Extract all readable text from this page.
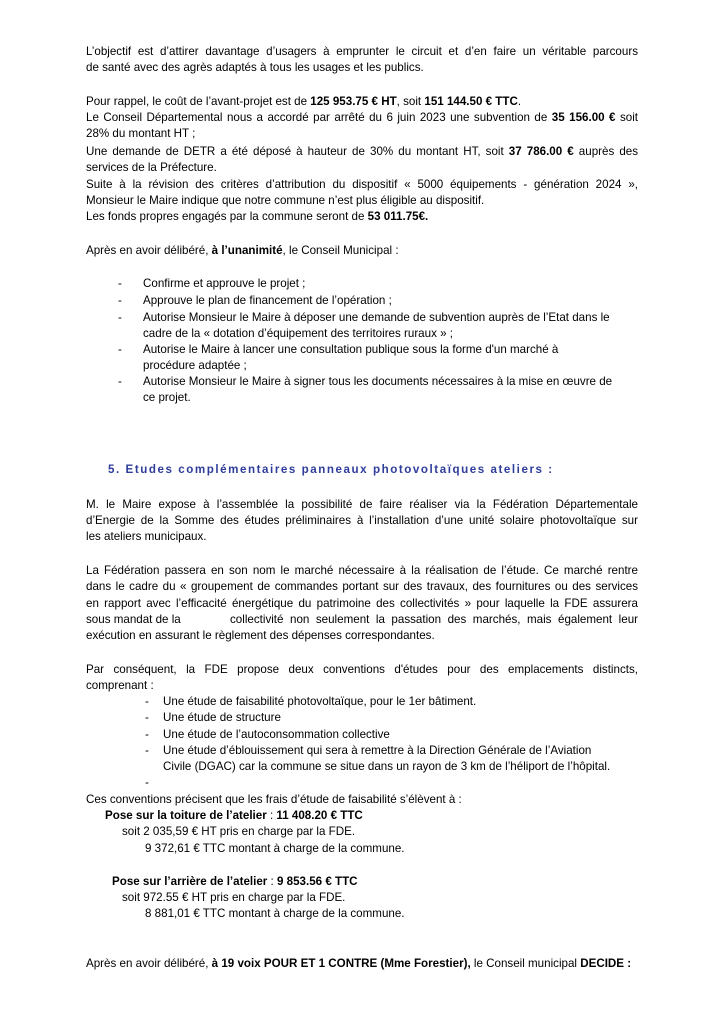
L’objectif est d’attirer davantage d’usagers à emprunter le circuit et d’en faire un véritable parcours
de santé avec des agrès adaptés à tous les usages et les publics.
Pour rappel, le coût de l’avant-projet est de 125 953.75 € HT, soit 151 144.50 € TTC.
Le Conseil Départemental nous a accordé par arrêté du 6 juin 2023 une subvention de 35 156.00 € soit
28% du montant HT ;
Une demande de DETR a été déposé à hauteur de 30% du montant HT, soit 37 786.00 € auprès des
services de la Préfecture.
Suite à la révision des critères d’attribution du dispositif « 5000 équipements - génération 2024 »,
Monsieur le Maire indique que notre commune n’est plus éligible au dispositif.
Les fonds propres engagés par la commune seront de 53 011.75€.
Après en avoir délibéré, à l’unanimité, le Conseil Municipal :
- Confirme et approuve le projet ;
- Approuve le plan de financement de l’opération ;
- Autorise Monsieur le Maire à déposer une demande de subvention auprès de l’Etat dans le
cadre de la « dotation d’équipement des territoires ruraux » ;
- Autorise le Maire à lancer une consultation publique sous la forme d'un marché à
procédure adaptée ;
- Autorise Monsieur le Maire à signer tous les documents nécessaires à la mise en œuvre de
ce projet.
5. Etudes complémentaires panneaux photovoltaïques ateliers :
M. le Maire expose à l’assemblée la possibilité de faire réaliser via la Fédération Départementale
d’Energie de la Somme des études préliminaires à l’installation d’une unité solaire photovoltaïque sur
les ateliers municipaux.
La Fédération passera en son nom le marché nécessaire à la réalisation de l’étude. Ce marché rentre
dans le cadre du « groupement de commandes portant sur des travaux, des fournitures ou des services
en rapport avec l’efficacité énergétique du patrimoine des collectivités » pour laquelle la FDE assurera
sous mandat de la	collectivité non seulement la passation des marchés, mais également leur
exécution en assurant le règlement des dépenses correspondantes.
Par conséquent, la FDE propose deux conventions d'études pour des emplacements distincts,
comprenant :
- Une étude de faisabilité photovoltaïque, pour le 1er bâtiment.
- Une étude de structure
- Une étude de l’autoconsommation collective
- Une étude d’éblouissement qui sera à remettre à la Direction Générale de l’Aviation
Civile (DGAC) car la commune se situe dans un rayon de 3 km de l’héliport de l’hôpital.
-
Ces conventions précisent que les frais d’étude de faisabilité s’élèvent à :
Pose sur la toiture de l’atelier : 11 408.20 € TTC
soit 2 035,59 € HT pris en charge par la FDE.
9 372,61 € TTC montant à charge de la commune.
Pose sur l’arrière de l’atelier : 9 853.56 € TTC
soit 972.55 € HT pris en charge par la FDE.
8 881,01 € TTC montant à charge de la commune.
Après en avoir délibéré, à 19 voix POUR ET 1 CONTRE (Mme Forestier), le Conseil municipal DECIDE :
